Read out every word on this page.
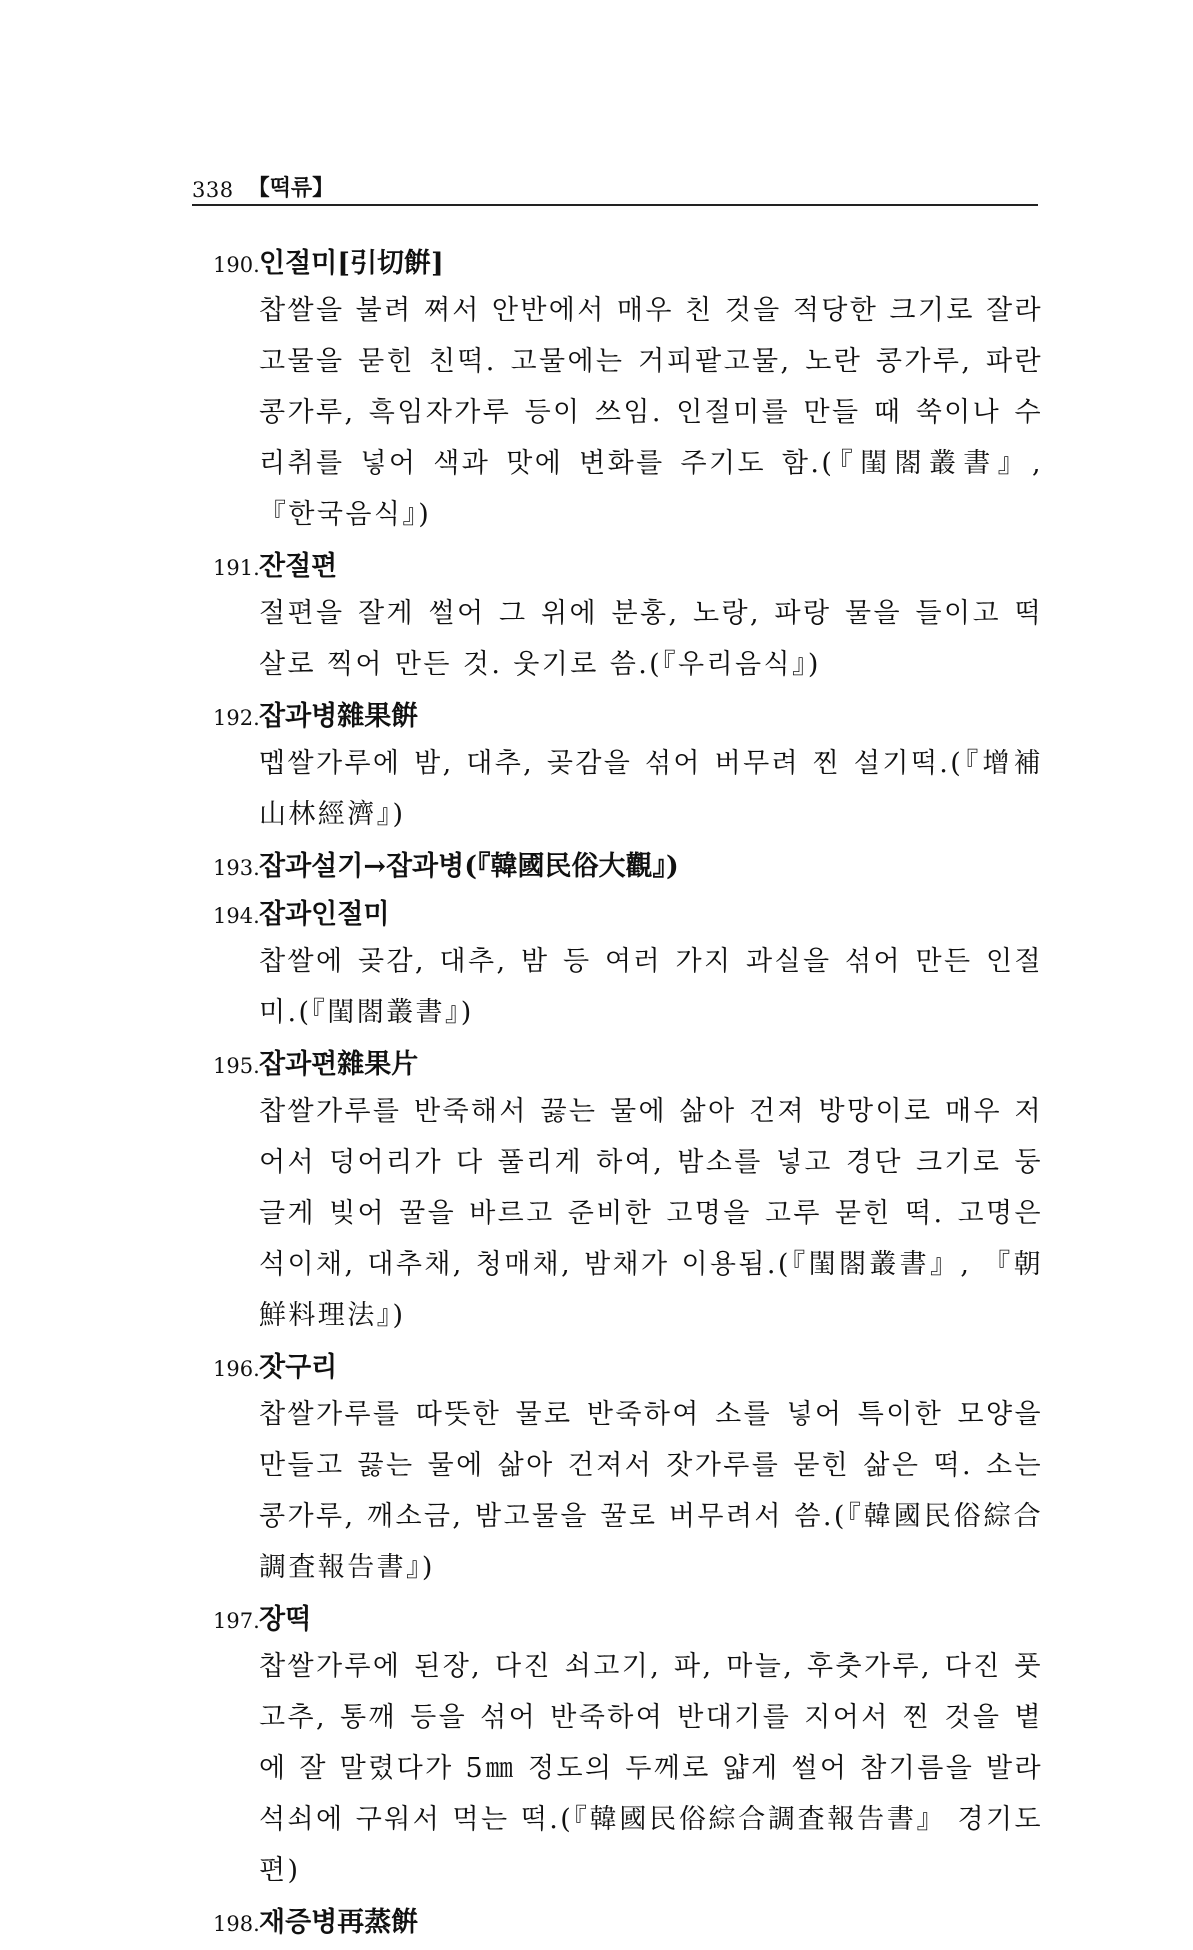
338 【떡류】
190. 인절미[引切餠]
찹쌀을 불려 쪄서 안반에서 매우 친 것을 적당한 크기로 잘라 고물을 묻힌 친떡. 고물에는 거피팥고물, 노란 콩가루, 파란 콩가루, 흑임자가루 등이 쓰임. 인절미를 만들 때 쑥이나 수리취를 넣어 색과 맛에 변화를 주기도 함.(『閨閤叢書』, 『한국음식』)
191. 잔절편
절편을 잘게 썰어 그 위에 분홍, 노랑, 파랑 물을 들이고 떡살로 찍어 만든 것. 웃기로 씀.(『우리음식』)
192. 잡과병雜果餠
멥쌀가루에 밤, 대추, 곶감을 섞어 버무려 찐 설기떡.(『增補山林經濟』)
193. 잡과설기→잡과병(『韓國民俗大觀』)
194. 잡과인절미
찹쌀에 곶감, 대추, 밤 등 여러 가지 과실을 섞어 만든 인절미.(『閨閤叢書』)
195. 잡과편雜果片
찹쌀가루를 반죽해서 끓는 물에 삶아 건져 방망이로 매우 저어서 덩어리가 다 풀리게 하여, 밤소를 넣고 경단 크기로 둥글게 빚어 꿀을 바르고 준비한 고명을 고루 묻힌 떡. 고명은 석이채, 대추채, 청매채, 밤채가 이용됨.(『閨閤叢書』, 『朝鮮料理法』)
196. 잣구리
찹쌀가루를 따뜻한 물로 반죽하여 소를 넣어 특이한 모양을 만들고 끓는 물에 삶아 건져서 잣가루를 묻힌 삶은 떡. 소는 콩가루, 깨소금, 밤고물을 꿀로 버무려서 씀.(『韓國民俗綜合調査報告書』)
197. 장떡
찹쌀가루에 된장, 다진 쇠고기, 파, 마늘, 후춧가루, 다진 풋고추, 통깨 등을 섞어 반죽하여 반대기를 지어서 찐 것을 볕에 잘 말렸다가 5㎜ 정도의 두께로 얇게 썰어 참기름을 발라 석쇠에 구워서 먹는 떡.(『韓國民俗綜合調査報告書』 경기도편)
198. 재증병再蒸餠
